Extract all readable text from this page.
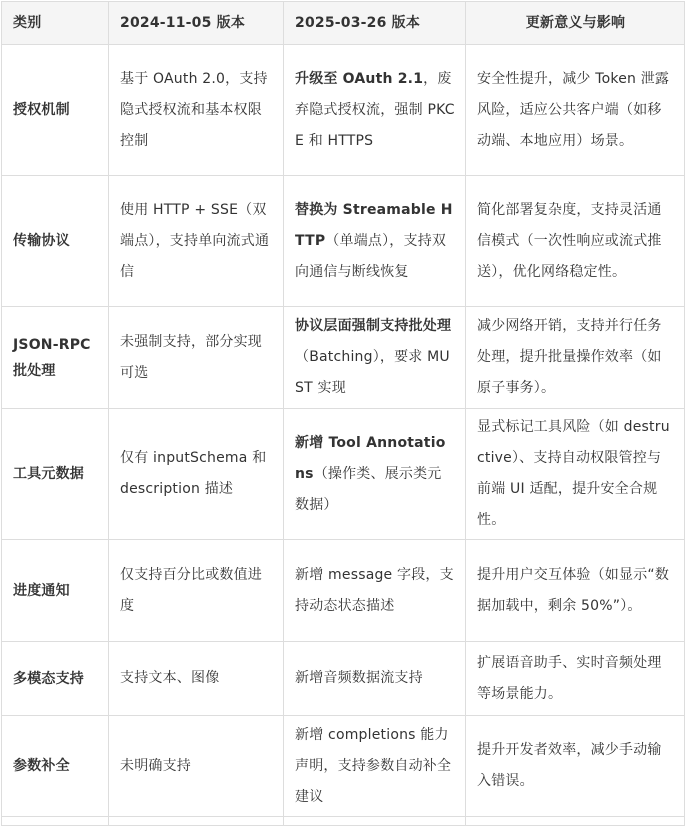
类别	2024-11-05 版本	2025-03-26 版本	更新意义与影响
授权机制	基于 OAuth 2.0，支持隐式授权流和基本权限控制	升级至 OAuth 2.1，废弃隐式授权流，强制 PKCE 和 HTTPS	安全性提升，减少 Token 泄露风险，适应公共客户端（如移动端、本地应用）场景。
传输协议	使用 HTTP + SSE（双端点），支持单向流式通信	替换为 Streamable HTTP（单端点），支持双向通信与断线恢复	简化部署复杂度，支持灵活通信模式（一次性响应或流式推送），优化网络稳定性。
JSON-RPC 批处理	未强制支持，部分实现可选	协议层面强制支持批处理（Batching），要求 MUST 实现	减少网络开销，支持并行任务处理，提升批量操作效率（如原子事务）。
工具元数据	仅有 inputSchema 和 description 描述	新增 Tool Annotations（操作类、展示类元数据）	显式标记工具风险（如 destructive）、支持自动权限管控与前端 UI 适配，提升安全合规性。
进度通知	仅支持百分比或数值进度	新增 message 字段，支持动态状态描述	提升用户交互体验（如显示“数据加载中，剩余 50%”）。
多模态支持	支持文本、图像	新增音频数据流支持	扩展语音助手、实时音频处理等场景能力。
参数补全	未明确支持	新增 completions 能力声明，支持参数自动补全建议	提升开发者效率，减少手动输入错误。
